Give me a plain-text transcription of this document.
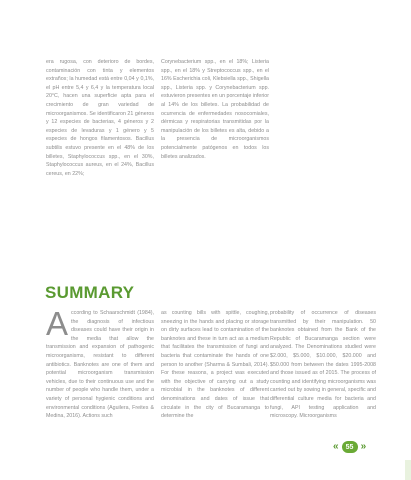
era rugosa, con deterioro de bordes, contaminación con tinta y elementos extraños; la humedad está entre 0,04 y 0,1%, el pH entre 5,4 y 6,4 y la temperatura local 20°C, hacen una superficie apta para el crecimiento de gran variedad de microorganismos. Se identificaron 21 géneros y 12 especies de bacterias, 4 géneros y 2 especies de levaduras y 1 género y 5 especies de hongos filamentosos. Bacillus subtilis estuvo presente en el 48% de los billetes, Staphylococcus spp., en el 30%, Staphylococcus aureus, en el 24%, Bacillus cereus, en 22%;
Corynebacterium spp., en el 18%; Listeria spp., en el 18% y Streptococcus spp., en el 16% Escherichia coli, Klebsiella spp., Shigella spp., Listeria spp. y Corynebacterium spp. estuvieron presentes en un porcentaje inferior al 14% de los billetes. La probabilidad de ocurrencia de enfermedades nosocomiales, dérmicas y respiratorias transmitidas por la manipulación de los billetes es alta, debido a la presencia de microorganismos potencialmente patógenos en todos los billetes analizados.
SUMMARY
According to Schaarschmidt (1984), the diagnosis of infectious diseases could have their origin in the media that allow the transmission and expansion of pathogenic microorganisms, resistant to different antibiotics. Banknotes are one of them and potential microorganism transmission vehicles, due to their continuous use and the number of people who handle them, under a variety of personal hygienic conditions and environmental conditions (Aguilera, Freites & Medina, 2016). Actions such
as counting bills with spittle, coughing, sneezing in the hands and placing or storage on dirty surfaces lead to contamination of the banknotes and these in turn act as a medium that facilitates the transmission of fungi and bacteria that contaminate the hands of one person to another (Sharma & Sumbali, 2014). For these reasons, a project was executed with the objective of carrying out a study microbial in the banknotes of different denominations and dates of issue that circulate in the city of Bucaramanga to determine the
probability of occurrence of diseases transmitted by their manipulation. 50 banknotes obtained from the Bank of the Republic of Bucaramanga section were analyzed. The Denominations studied were $2.000, $5.000, $10.000, $20.000 and $50.000 from between the dates 1995-2008 and those issued as of 2015. The process of counting and identifying microorganisms was carried out by sowing in general, specific and differential culture media for bacteria and fungi, API testing application and microscopy. Microorganisms
«	55 »
